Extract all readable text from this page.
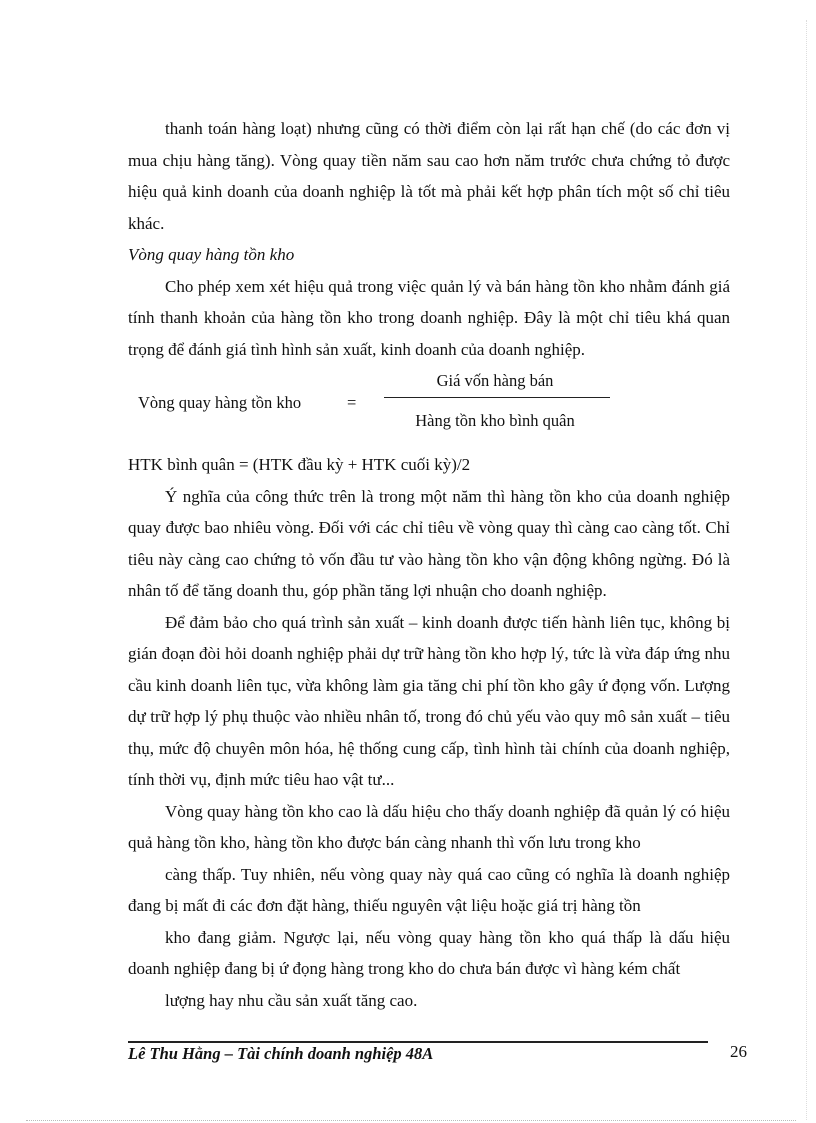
thanh toán hàng loạt) nhưng cũng có thời điểm còn lại rất hạn chế (do các đơn vị mua chịu hàng tăng). Vòng quay tiền năm sau cao hơn năm trước chưa chứng tỏ được hiệu quả kinh doanh của doanh nghiệp là tốt mà phải kết hợp phân tích một số chỉ tiêu khác.

Vòng quay hàng tồn kho

Cho phép xem xét hiệu quả trong việc quản lý và bán hàng tồn kho nhằm đánh giá tính thanh khoản của hàng tồn kho trong doanh nghiệp. Đây là một chỉ tiêu khá quan trọng để đánh giá tình hình sản xuất, kinh doanh của doanh nghiệp.

Vòng quay hàng tồn kho	=
Giá vốn hàng bán
Hàng tồn kho bình quân

HTK bình quân = (HTK đầu kỳ + HTK cuối kỳ)/2

Ý nghĩa của công thức trên là trong một năm thì hàng tồn kho của doanh nghiệp quay được bao nhiêu vòng. Đối với các chỉ tiêu về vòng quay thì càng cao càng tốt. Chỉ tiêu này càng cao chứng tỏ vốn đầu tư vào hàng tồn kho vận động không ngừng. Đó là nhân tố để tăng doanh thu, góp phần tăng lợi nhuận cho doanh nghiệp.

Để đảm bảo cho quá trình sản xuất – kinh doanh được tiến hành liên tục, không bị gián đoạn đòi hỏi doanh nghiệp phải dự trữ hàng tồn kho hợp lý, tức là vừa đáp ứng nhu cầu kinh doanh liên tục, vừa không làm gia tăng chi phí tồn kho gây ứ đọng vốn. Lượng dự trữ hợp lý phụ thuộc vào nhiều nhân tố, trong đó chủ yếu vào quy mô sản xuất – tiêu thụ, mức độ chuyên môn hóa, hệ thống cung cấp, tình hình tài chính của doanh nghiệp, tính thời vụ, định mức tiêu hao vật tư...

Vòng quay hàng tồn kho cao là dấu hiệu cho thấy doanh nghiệp đã quản lý có hiệu quả hàng tồn kho, hàng tồn kho được bán càng nhanh thì vốn lưu trong kho

càng thấp. Tuy nhiên, nếu vòng quay này quá cao cũng có nghĩa là doanh nghiệp đang bị mất đi các đơn đặt hàng, thiếu nguyên vật liệu hoặc giá trị hàng tồn

kho đang giảm. Ngược lại, nếu vòng quay hàng tồn kho quá thấp là dấu hiệu doanh nghiệp đang bị ứ đọng hàng trong kho do chưa bán được vì hàng kém chất

lượng hay nhu cầu sản xuất tăng cao.

Lê Thu Hằng – Tài chính doanh nghiệp 48A	26
